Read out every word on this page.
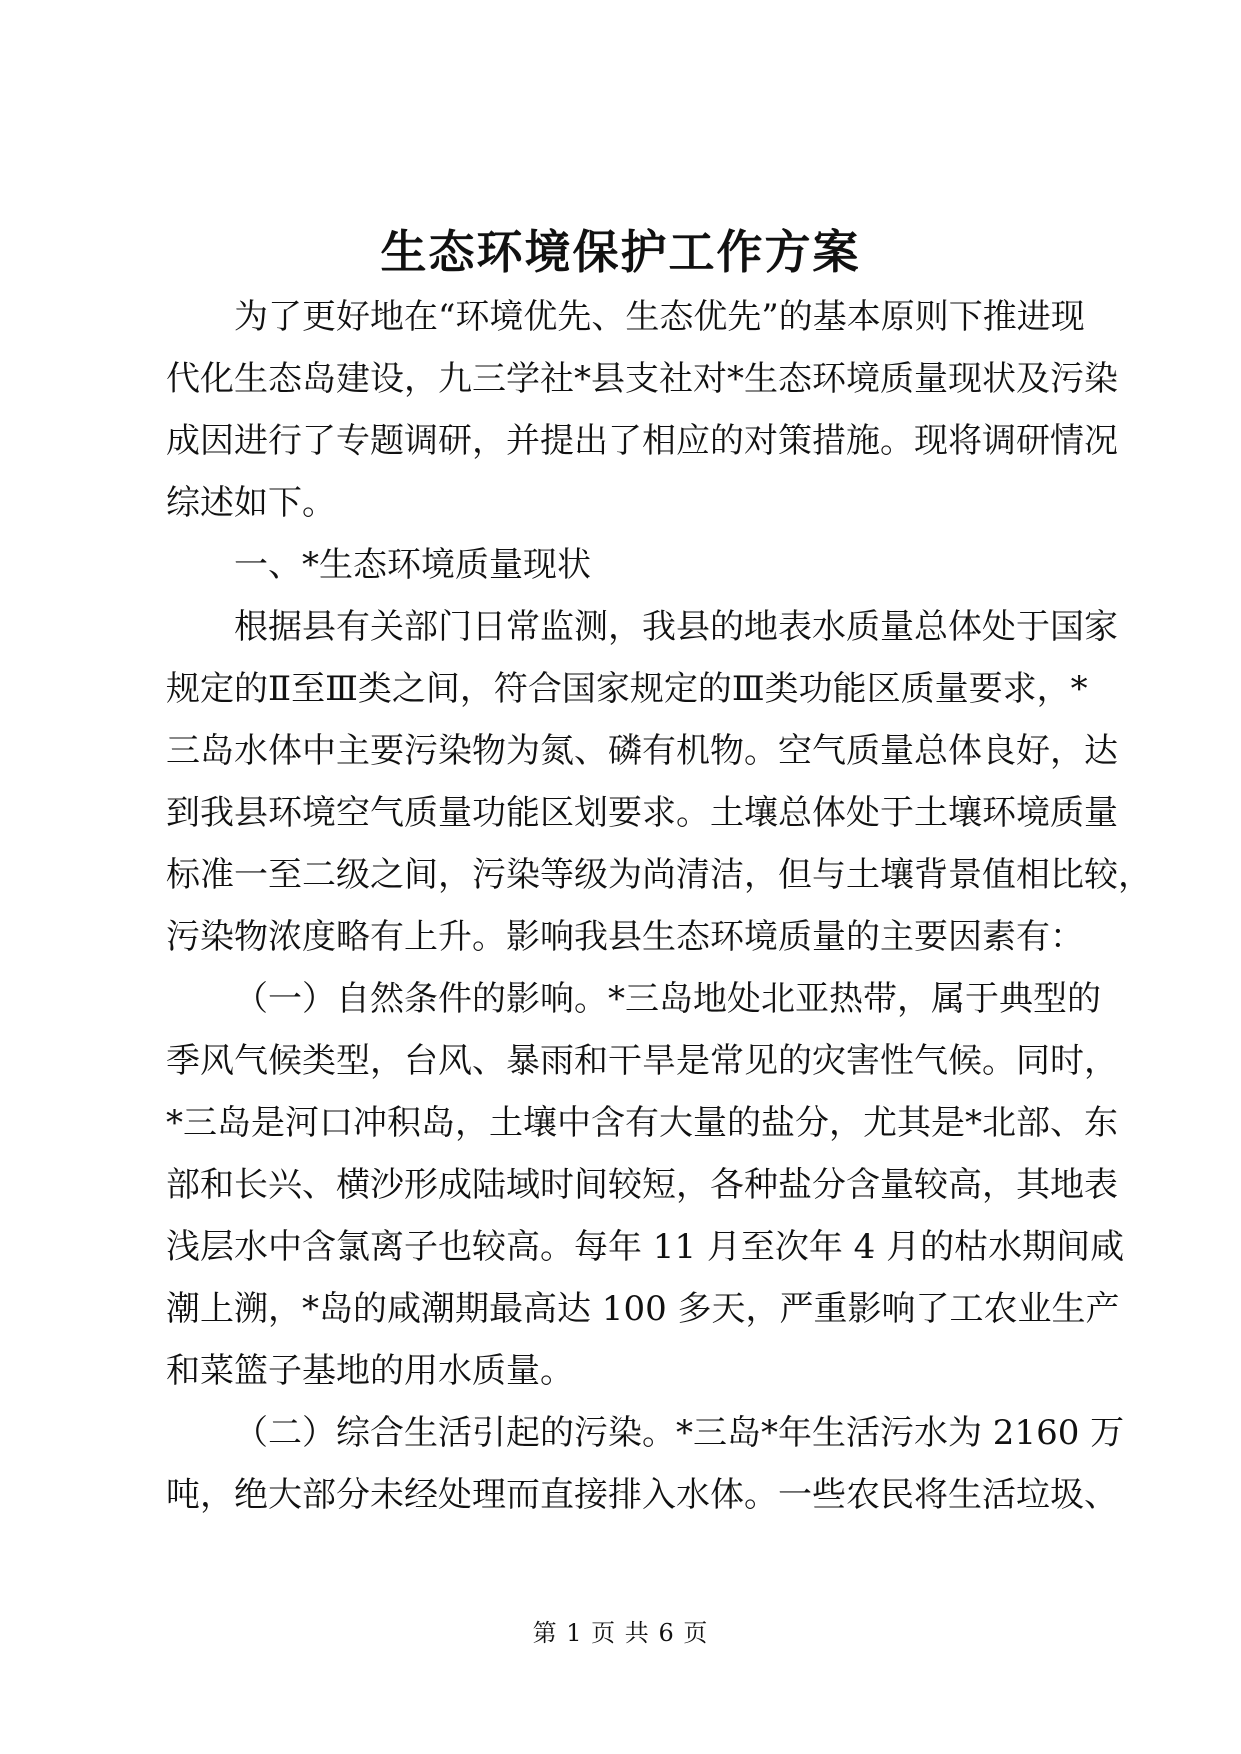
生态环境保护工作方案
为了更好地在“环境优先、生态优先”的基本原则下推进现
代化生态岛建设，九三学社*县支社对*生态环境质量现状及污染
成因进行了专题调研，并提出了相应的对策措施。现将调研情况
综述如下。
一、*生态环境质量现状
根据县有关部门日常监测，我县的地表水质量总体处于国家
规定的Ⅱ至Ⅲ类之间，符合国家规定的Ⅲ类功能区质量要求，*
三岛水体中主要污染物为氮、磷有机物。空气质量总体良好，达
到我县环境空气质量功能区划要求。土壤总体处于土壤环境质量
标准一至二级之间，污染等级为尚清洁，但与土壤背景值相比较，
污染物浓度略有上升。影响我县生态环境质量的主要因素有：
（一）自然条件的影响。*三岛地处北亚热带，属于典型的
季风气候类型，台风、暴雨和干旱是常见的灾害性气候。同时，
*三岛是河口冲积岛，土壤中含有大量的盐分，尤其是*北部、东
部和长兴、横沙形成陆域时间较短，各种盐分含量较高，其地表
浅层水中含氯离子也较高。每年 11 月至次年 4 月的枯水期间咸
潮上溯，*岛的咸潮期最高达 100 多天，严重影响了工农业生产
和菜篮子基地的用水质量。
（二）综合生活引起的污染。*三岛*年生活污水为 2160 万
吨，绝大部分未经处理而直接排入水体。一些农民将生活垃圾、
第 1 页 共 6 页
